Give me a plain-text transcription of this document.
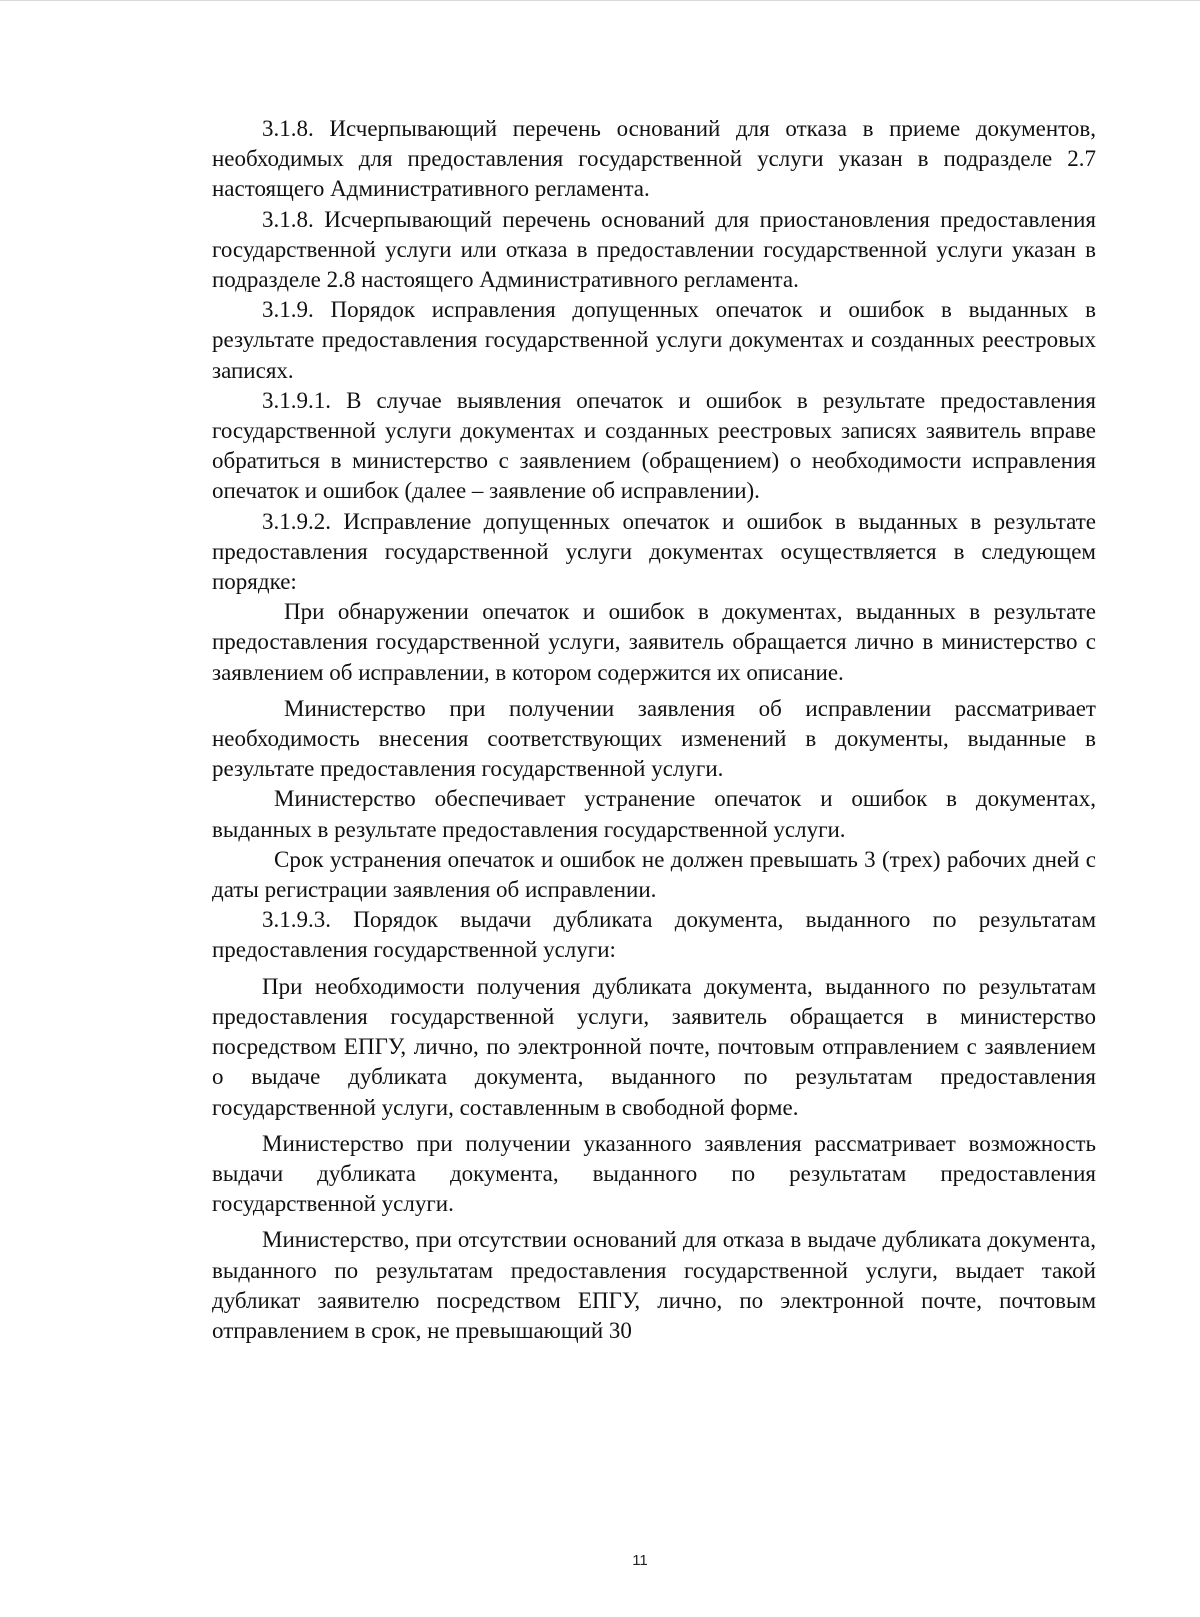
3.1.8. Исчерпывающий перечень оснований для отказа в приеме документов, необходимых для предоставления государственной услуги указан в подразделе 2.7 настоящего Административного регламента.

3.1.8. Исчерпывающий перечень оснований для приостановления предоставления государственной услуги или отказа в предоставлении государственной услуги указан в подразделе 2.8 настоящего Административного регламента.

3.1.9. Порядок исправления допущенных опечаток и ошибок в выданных в результате предоставления государственной услуги документах и созданных реестровых записях.

3.1.9.1. В случае выявления опечаток и ошибок в результате предоставления государственной услуги документах и созданных реестровых записях заявитель вправе обратиться в министерство с заявлением (обращением) о необходимости исправления опечаток и ошибок (далее – заявление об исправлении).

3.1.9.2. Исправление допущенных опечаток и ошибок в выданных в результате предоставления государственной услуги документах осуществляется в следующем порядке:

При обнаружении опечаток и ошибок в документах, выданных в результате предоставления государственной услуги, заявитель обращается лично в министерство с заявлением об исправлении, в котором содержится их описание.

Министерство при получении заявления об исправлении рассматривает необходимость внесения соответствующих изменений в документы, выданные в результате предоставления государственной услуги.

Министерство обеспечивает устранение опечаток и ошибок в документах, выданных в результате предоставления государственной услуги.

Срок устранения опечаток и ошибок не должен превышать 3 (трех) рабочих дней с даты регистрации заявления об исправлении.

3.1.9.3. Порядок выдачи дубликата документа, выданного по результатам предоставления государственной услуги:

При необходимости получения дубликата документа, выданного по результатам предоставления государственной услуги, заявитель обращается в министерство посредством ЕПГУ, лично, по электронной почте, почтовым отправлением с заявлением о выдаче дубликата документа, выданного по результатам предоставления государственной услуги, составленным в свободной форме.

Министерство при получении указанного заявления рассматривает возможность выдачи дубликата документа, выданного по результатам предоставления государственной услуги.

Министерство, при отсутствии оснований для отказа в выдаче дубликата документа, выданного по результатам предоставления государственной услуги, выдает такой дубликат заявителю посредством ЕПГУ, лично, по электронной почте, почтовым отправлением в срок, не превышающий 30

11
